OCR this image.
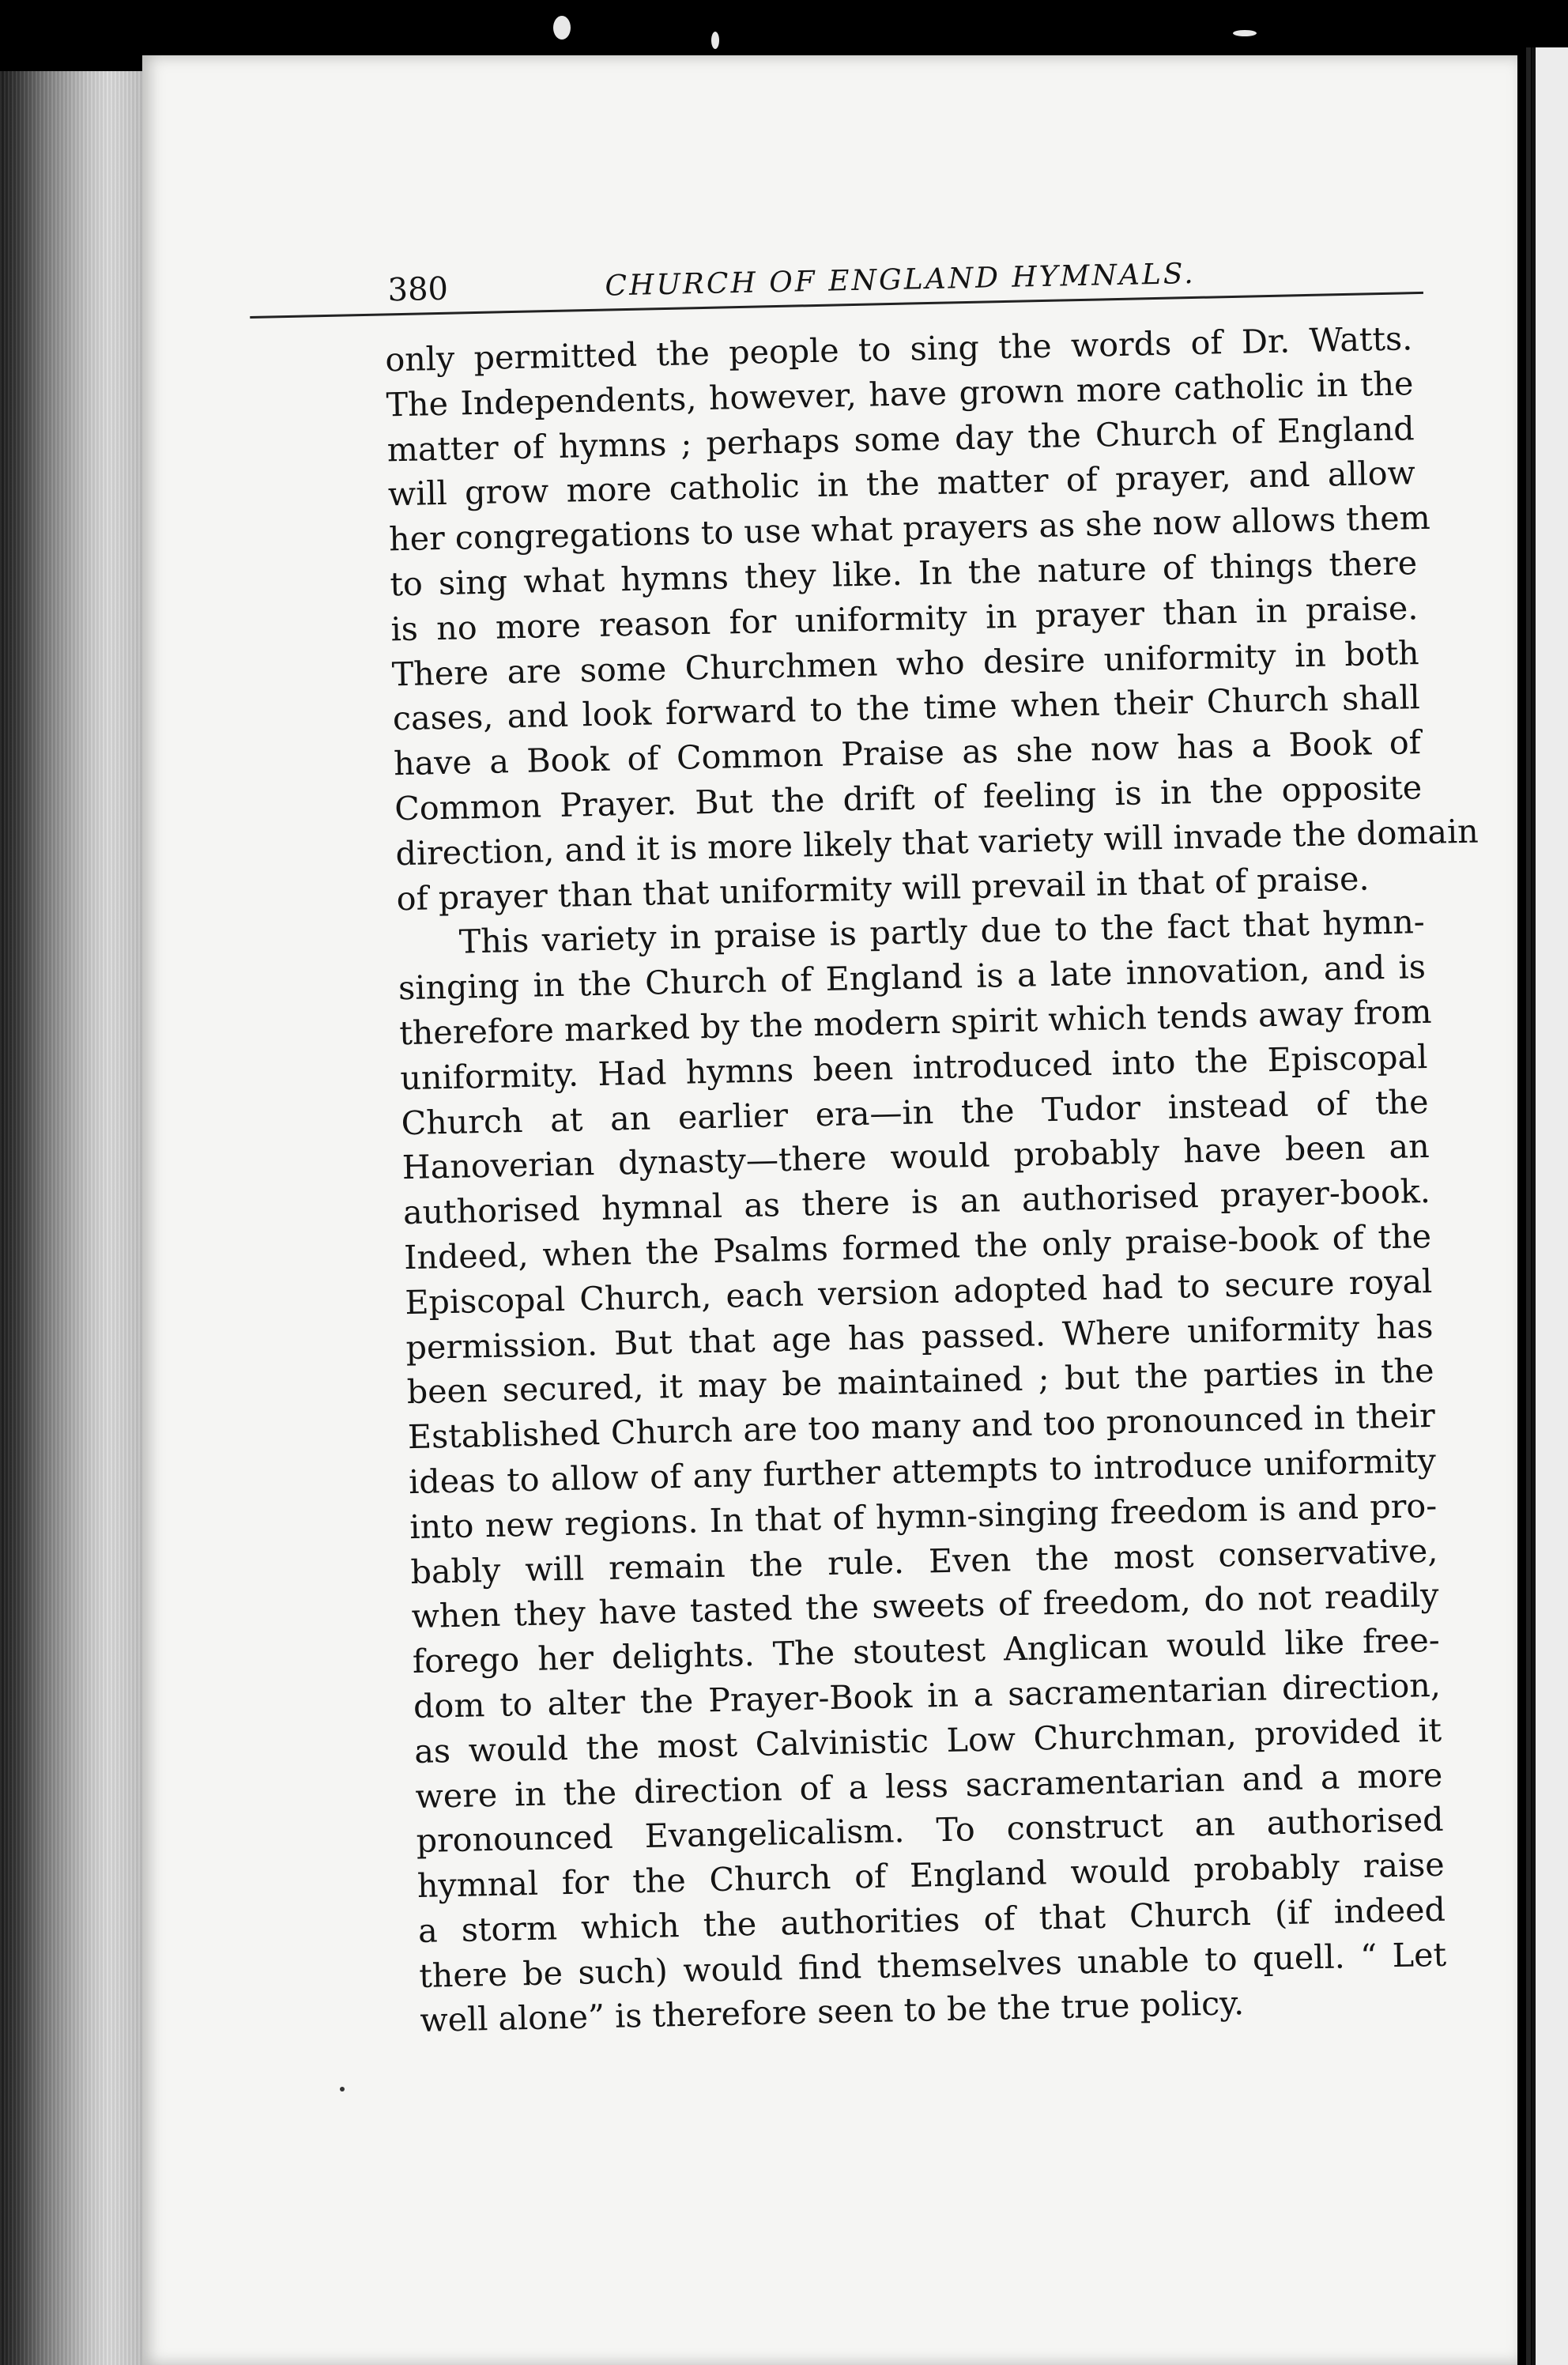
380	CHURCH OF ENGLAND HYMNALS.
only permitted the people to sing the words of Dr. Watts.
The Independents, however, have grown more catholic in the
matter of hymns ; perhaps some day the Church of England
will grow more catholic in the matter of prayer, and allow
her congregations to use what prayers as she now allows them
to sing what hymns they like. In the nature of things there
is no more reason for uniformity in prayer than in praise.
There are some Churchmen who desire uniformity in both
cases, and look forward to the time when their Church shall
have a Book of Common Praise as she now has a Book of
Common Prayer. But the drift of feeling is in the opposite
direction, and it is more likely that variety will invade the domain
of prayer than that uniformity will prevail in that of praise.
This variety in praise is partly due to the fact that hymn-
singing in the Church of England is a late innovation, and is
therefore marked by the modern spirit which tends away from
uniformity. Had hymns been introduced into the Episcopal
Church at an earlier era—in the Tudor instead of the
Hanoverian dynasty—there would probably have been an
authorised hymnal as there is an authorised prayer-book.
Indeed, when the Psalms formed the only praise-book of the
Episcopal Church, each version adopted had to secure royal
permission. But that age has passed. Where uniformity has
been secured, it may be maintained ; but the parties in the
Established Church are too many and too pronounced in their
ideas to allow of any further attempts to introduce uniformity
into new regions. In that of hymn-singing freedom is and pro-
bably will remain the rule. Even the most conservative,
when they have tasted the sweets of freedom, do not readily
forego her delights. The stoutest Anglican would like free-
dom to alter the Prayer-Book in a sacramentarian direction,
as would the most Calvinistic Low Churchman, provided it
were in the direction of a less sacramentarian and a more
pronounced Evangelicalism. To construct an authorised
hymnal for the Church of England would probably raise
a storm which the authorities of that Church (if indeed
there be such) would find themselves unable to quell. “ Let
well alone” is therefore seen to be the true policy.
